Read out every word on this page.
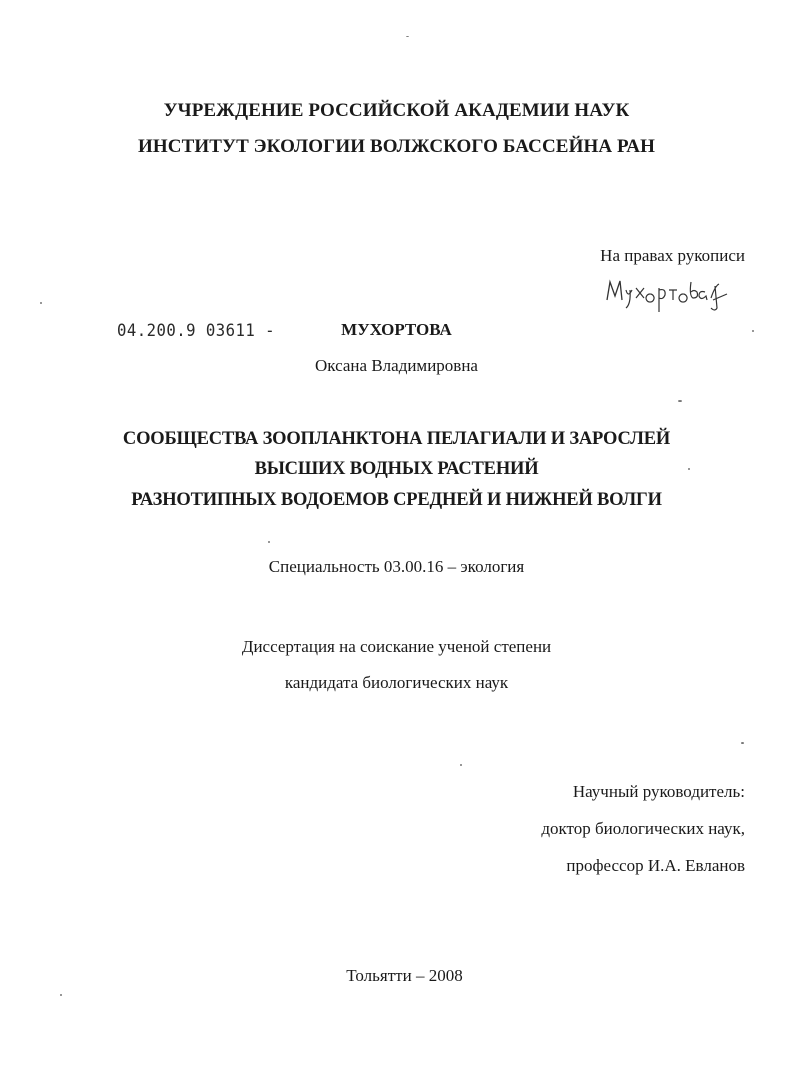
УЧРЕЖДЕНИЕ РОССИЙСКОЙ АКАДЕМИИ НАУК
ИНСТИТУТ ЭКОЛОГИИ ВОЛЖСКОГО БАССЕЙНА РАН
На правах рукописи
04.200.9 03611 -	МУХОРТОВА
Оксана Владимировна
СООБЩЕСТВА ЗООПЛАНКТОНА ПЕЛАГИАЛИ И ЗАРОСЛЕЙ
ВЫСШИХ ВОДНЫХ РАСТЕНИЙ
РАЗНОТИПНЫХ ВОДОЕМОВ СРЕДНЕЙ И НИЖНЕЙ ВОЛГИ
Специальность 03.00.16 – экология
Диссертация на соискание ученой степени
кандидата биологических наук
Научный руководитель:
доктор биологических наук,
профессор И.А. Евланов
Тольятти – 2008
